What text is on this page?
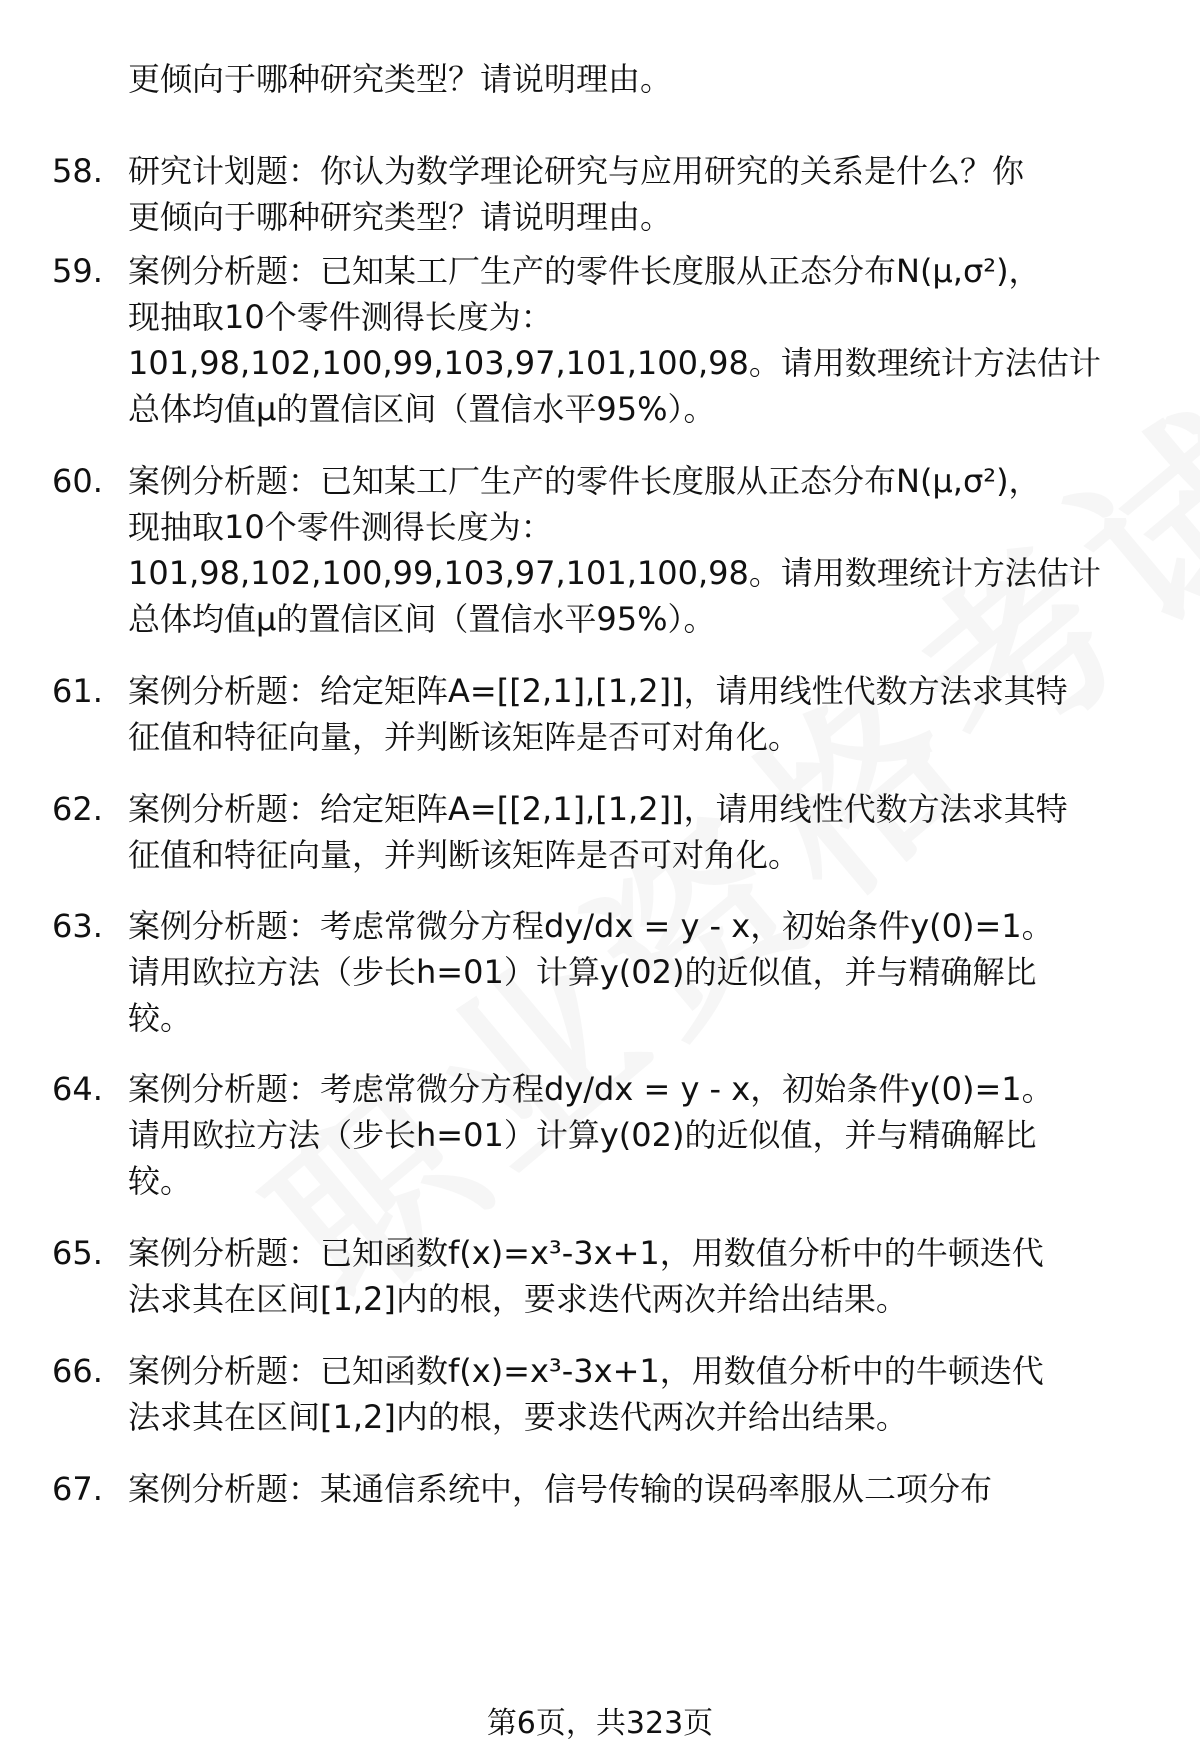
更倾向于哪种研究类型？请说明理由。
58. 研究计划题：你认为数学理论研究与应用研究的关系是什么？你
更倾向于哪种研究类型？请说明理由。
59. 案例分析题：已知某工厂生产的零件长度服从正态分布N(μ,σ²)，
现抽取10个零件测得长度为：
101,98,102,100,99,103,97,101,100,98。请用数理统计方法估计
总体均值μ的置信区间（置信水平95%）。
60. 案例分析题：已知某工厂生产的零件长度服从正态分布N(μ,σ²)，
现抽取10个零件测得长度为：
101,98,102,100,99,103,97,101,100,98。请用数理统计方法估计
总体均值μ的置信区间（置信水平95%）。
61. 案例分析题：给定矩阵A=[[2,1],[1,2]]，请用线性代数方法求其特
征值和特征向量，并判断该矩阵是否可对角化。
62. 案例分析题：给定矩阵A=[[2,1],[1,2]]，请用线性代数方法求其特
征值和特征向量，并判断该矩阵是否可对角化。
63. 案例分析题：考虑常微分方程dy/dx = y - x，初始条件y(0)=1。
请用欧拉方法（步长h=01）计算y(02)的近似值，并与精确解比
较。
64. 案例分析题：考虑常微分方程dy/dx = y - x，初始条件y(0)=1。
请用欧拉方法（步长h=01）计算y(02)的近似值，并与精确解比
较。
65. 案例分析题：已知函数f(x)=x³-3x+1，用数值分析中的牛顿迭代
法求其在区间[1,2]内的根，要求迭代两次并给出结果。
66. 案例分析题：已知函数f(x)=x³-3x+1，用数值分析中的牛顿迭代
法求其在区间[1,2]内的根，要求迭代两次并给出结果。
67. 案例分析题：某通信系统中，信号传输的误码率服从二项分布
第6页，共323页
